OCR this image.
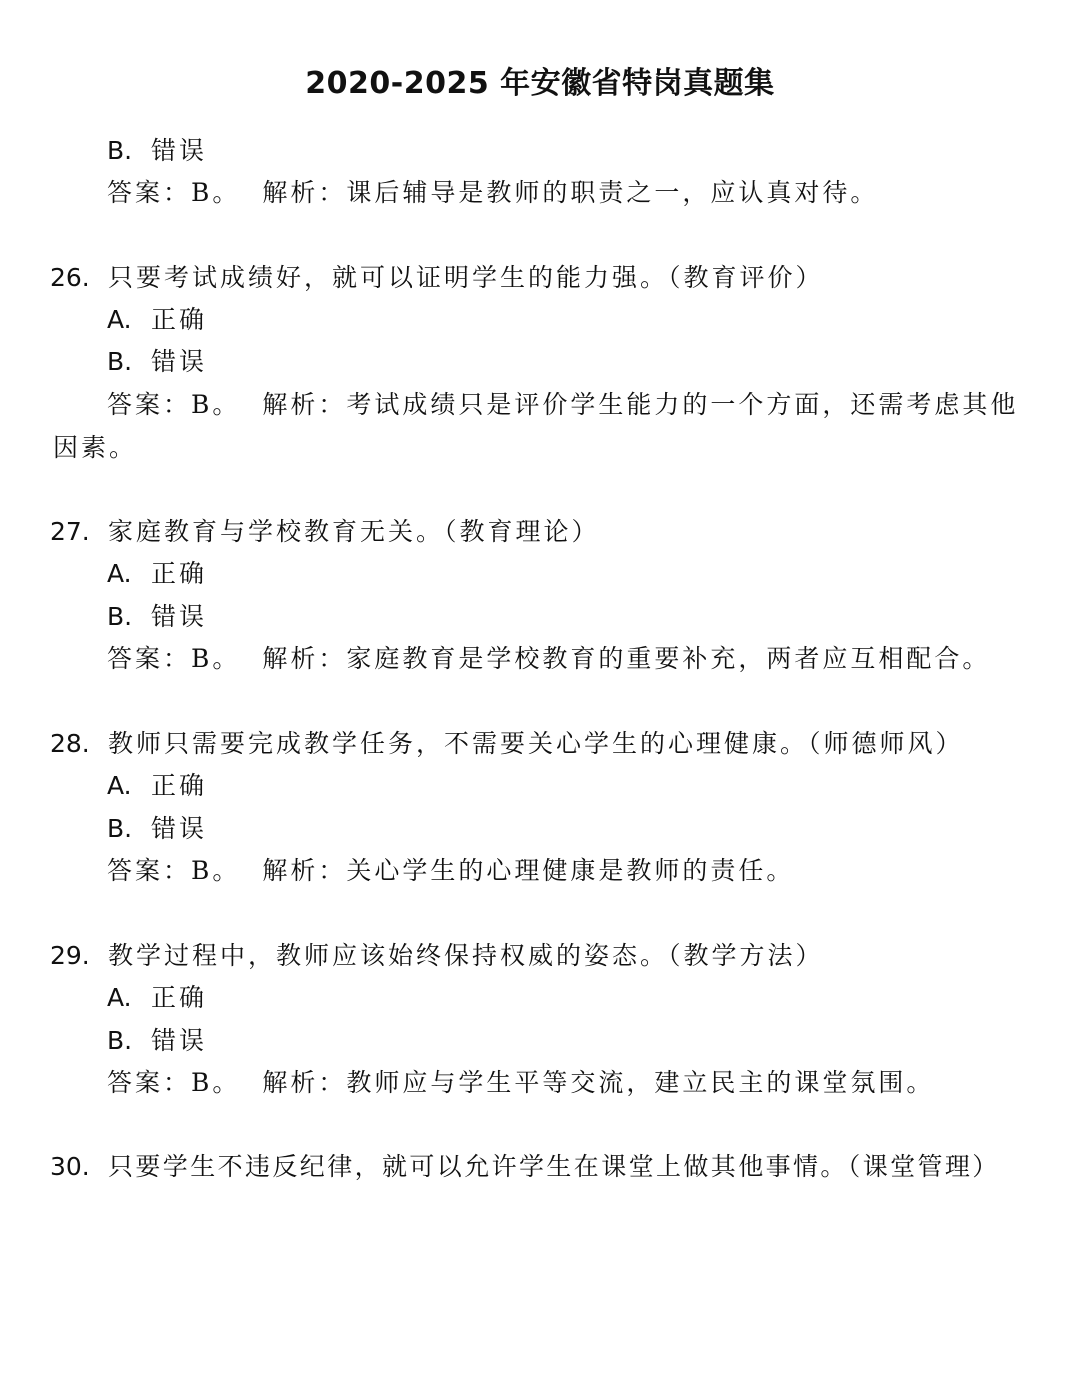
2020-2025 年安徽省特岗真题集
B. 错误
答案：B。 解析：课后辅导是教师的职责之一，应认真对待。
26. 只要考试成绩好，就可以证明学生的能力强。（教育评价）
A. 正确
B. 错误
答案：B。 解析：考试成绩只是评价学生能力的一个方面，还需考虑其他
因素。
27. 家庭教育与学校教育无关。（教育理论）
A. 正确
B. 错误
答案：B。 解析：家庭教育是学校教育的重要补充，两者应互相配合。
28. 教师只需要完成教学任务，不需要关心学生的心理健康。（师德师风）
A. 正确
B. 错误
答案：B。 解析：关心学生的心理健康是教师的责任。
29. 教学过程中，教师应该始终保持权威的姿态。（教学方法）
A. 正确
B. 错误
答案：B。 解析：教师应与学生平等交流，建立民主的课堂氛围。
30. 只要学生不违反纪律，就可以允许学生在课堂上做其他事情。（课堂管理）
